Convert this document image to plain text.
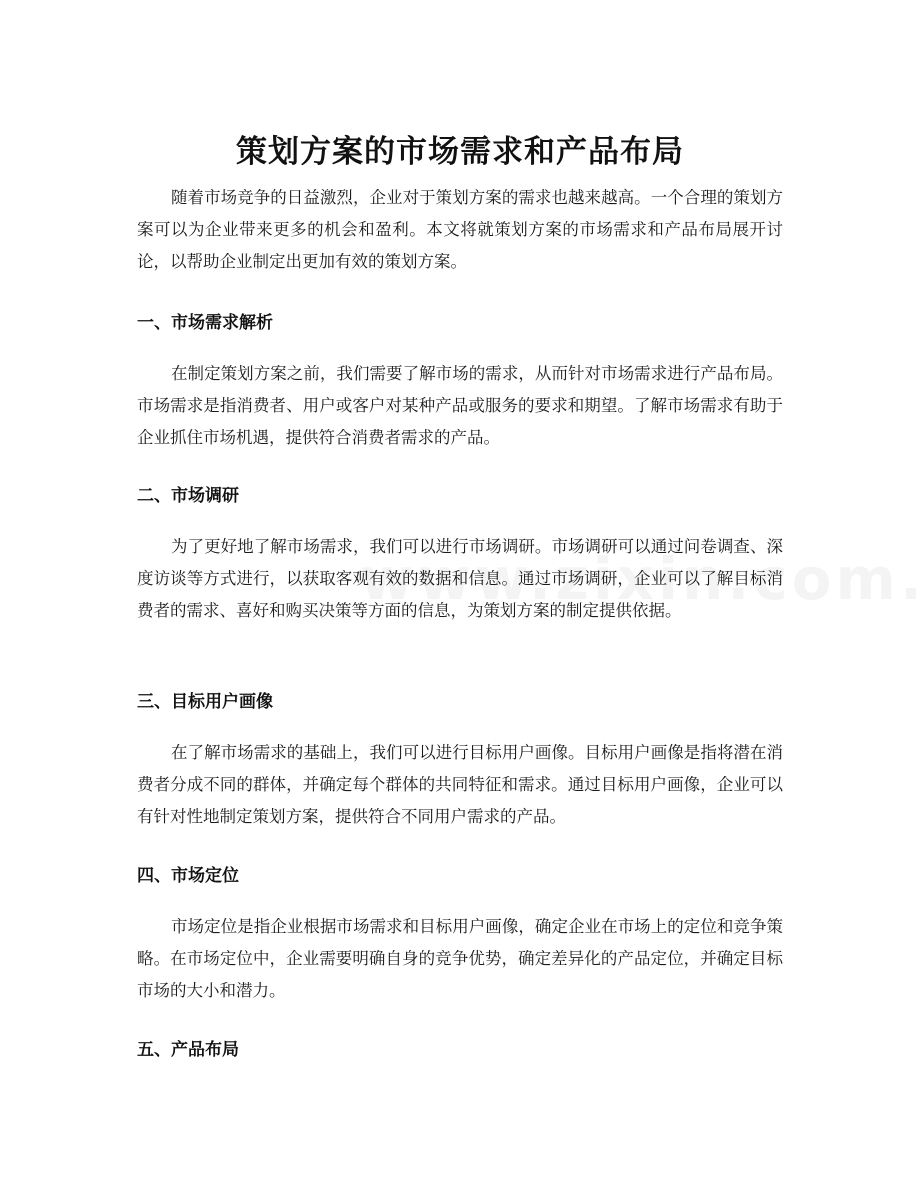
策划方案的市场需求和产品布局

随着市场竞争的日益激烈，企业对于策划方案的需求也越来越高。一个合理的策划方案可以为企业带来更多的机会和盈利。本文将就策划方案的市场需求和产品布局展开讨论，以帮助企业制定出更加有效的策划方案。

一、市场需求解析

在制定策划方案之前，我们需要了解市场的需求，从而针对市场需求进行产品布局。市场需求是指消费者、用户或客户对某种产品或服务的要求和期望。了解市场需求有助于企业抓住市场机遇，提供符合消费者需求的产品。

二、市场调研

为了更好地了解市场需求，我们可以进行市场调研。市场调研可以通过问卷调查、深度访谈等方式进行，以获取客观有效的数据和信息。通过市场调研，企业可以了解目标消费者的需求、喜好和购买决策等方面的信息，为策划方案的制定提供依据。

三、目标用户画像

在了解市场需求的基础上，我们可以进行目标用户画像。目标用户画像是指将潜在消费者分成不同的群体，并确定每个群体的共同特征和需求。通过目标用户画像，企业可以有针对性地制定策划方案，提供符合不同用户需求的产品。

四、市场定位

市场定位是指企业根据市场需求和目标用户画像，确定企业在市场上的定位和竞争策略。在市场定位中，企业需要明确自身的竞争优势，确定差异化的产品定位，并确定目标市场的大小和潜力。

五、产品布局
